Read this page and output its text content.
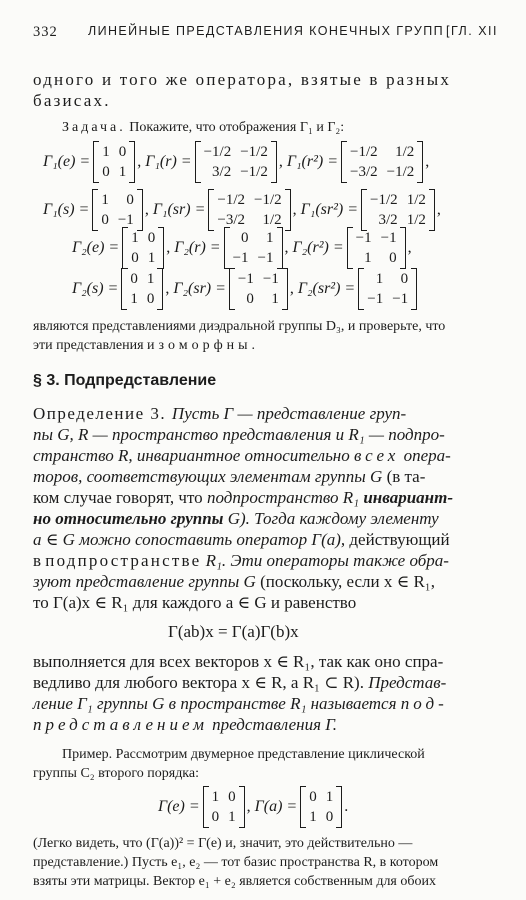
332 ЛИНЕЙНЫЕ ПРЕДСТАВЛЕНИЯ КОНЕЧНЫХ ГРУПП [ГЛ. XII
одного и того же оператора, взятые в разных
базисах.
Задача. Покажите, что отображения Γ₁ и Γ₂:
Γ₁(e) =
1 0
0 1
, Γ₁(r) =
−1/2 −1/2
3/2 −1/2
, Γ₁(r²) =
−1/2	1/2
−3/2 −1/2
,
Γ₁(s) =
1	0
0 −1
, Γ₁(sr) =
−1/2 −1/2
−3/2	1/2
, Γ₁(sr²) =
−1/2 1/2
3/2 1/2
,
Γ₂(e) =
1 0
0 1
, Γ₂(r) =
0	1
−1 −1
, Γ₂(r²) =
−1 −1
1	0
,
Γ₂(s) =
0 1
1 0
, Γ₂(sr) =
−1 −1
0	1
, Γ₂(sr²) =
1	0
−1 −1
являются представлениями диэдральной группы D₃, и проверьте, что
эти представления изоморфны.
§ 3. Подпредставление
Определение 3. Пусть Γ — представление груп-
пы G, R — пространство представления и R₁ — подпро-
странство R, инвариантное относительно всех опера-
торов, соответствующих элементам группы G (в та-
ком случае говорят, что подпространство R₁ инвариант-
но относительно группы G). Тогда каждому элементу
a ∈ G можно сопоставить оператор Γ(a), действующий
в подпространстве R₁. Эти операторы также обра-
зуют представление группы G (поскольку, если x ∈ R₁,
то Γ(a)x ∈ R₁ для каждого a ∈ G и равенство
Γ(ab)x = Γ(a)Γ(b)x
выполняется для всех векторов x ∈ R₁, так как оно спра-
ведливо для любого вектора x ∈ R, а R₁ ⊂ R). Представ-
ление Γ₁ группы G в пространстве R₁ называется под-
представлением представления Γ.
Пример. Рассмотрим двумерное представление циклической
группы C₂ второго порядка:
Γ(e) =
1 0
0 1
, Γ(a) =
0 1
1 0
.
(Легко видеть, что (Γ(a))² = Γ(e) и, значит, это действительно —
представление.) Пусть e₁, e₂ — тот базис пространства R, в котором
взяты эти матрицы. Вектор e₁ + e₂ является собственным для обоих
